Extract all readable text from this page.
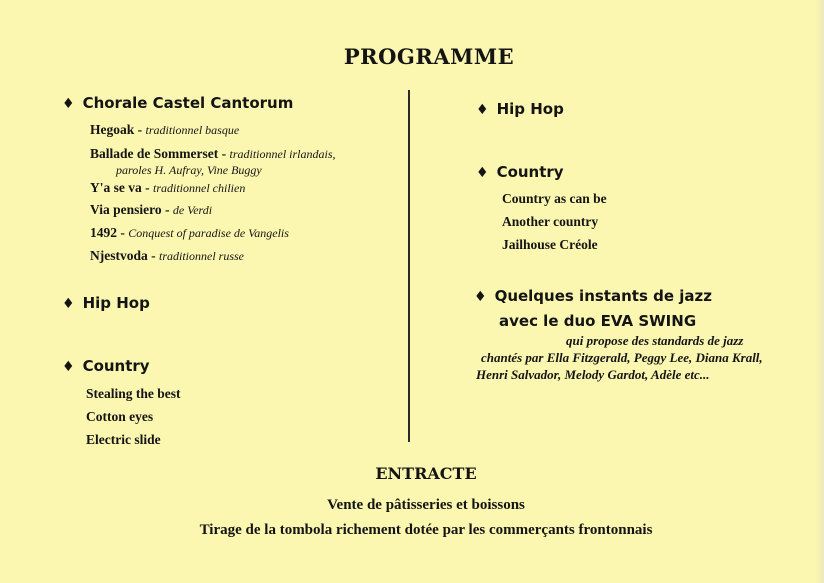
PROGRAMME
♦ Chorale Castel Cantorum
Hegoak - traditionnel basque
Ballade de Sommerset - traditionnel irlandais,
paroles H. Aufray, Vine Buggy
Y'a se va - traditionnel chilien
Via pensiero - de Verdi
1492 - Conquest of paradise de Vangelis
Njestvoda - traditionnel russe
♦ Hip Hop
♦ Country
Stealing the best
Cotton eyes
Electric slide
♦ Hip Hop
♦ Country
Country as can be
Another country
Jailhouse Créole
♦ Quelques instants de jazz
avec le duo EVA SWING
qui propose des standards de jazz
chantés par Ella Fitzgerald, Peggy Lee, Diana Krall,
Henri Salvador, Melody Gardot, Adèle etc...
ENTRACTE
Vente de pâtisseries et boissons
Tirage de la tombola richement dotée par les commerçants frontonnais
